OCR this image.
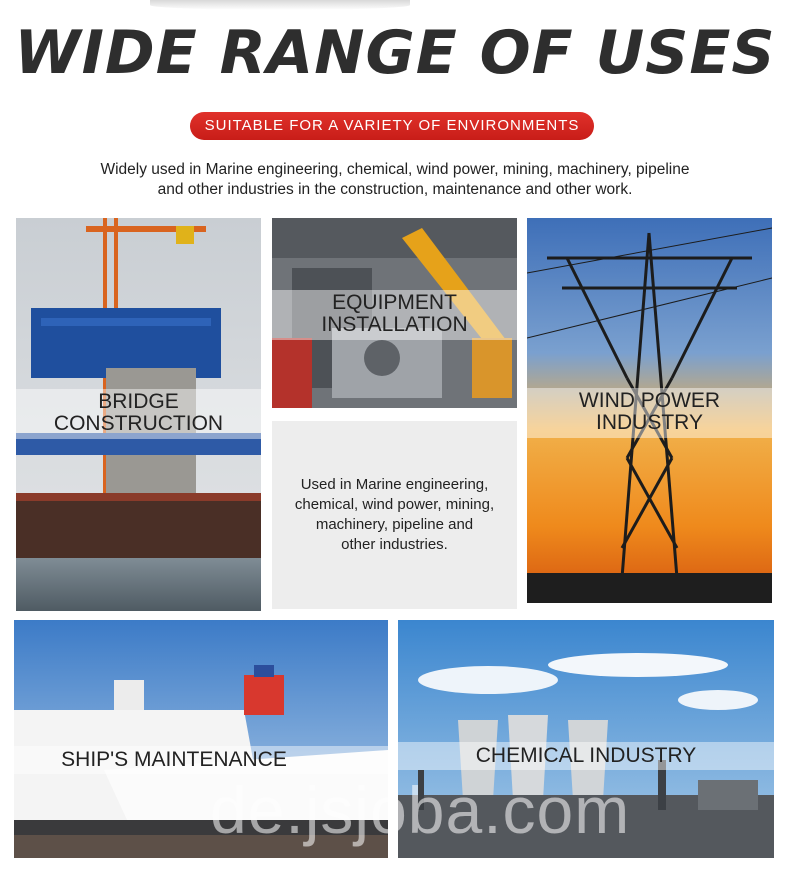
WIDE RANGE OF USES
SUITABLE FOR A VARIETY OF ENVIRONMENTS
Widely used in Marine engineering, chemical, wind power, mining, machinery, pipeline
and other industries in the construction, maintenance and other work.
BRIDGE
CONSTRUCTION
EQUIPMENT
INSTALLATION
Used in Marine engineering,
chemical, wind power, mining,
machinery, pipeline and
other industries.
WIND POWER
INDUSTRY
SHIP'S MAINTENANCE	CHEMICAL INDUSTRY
de.jsjoba.com
